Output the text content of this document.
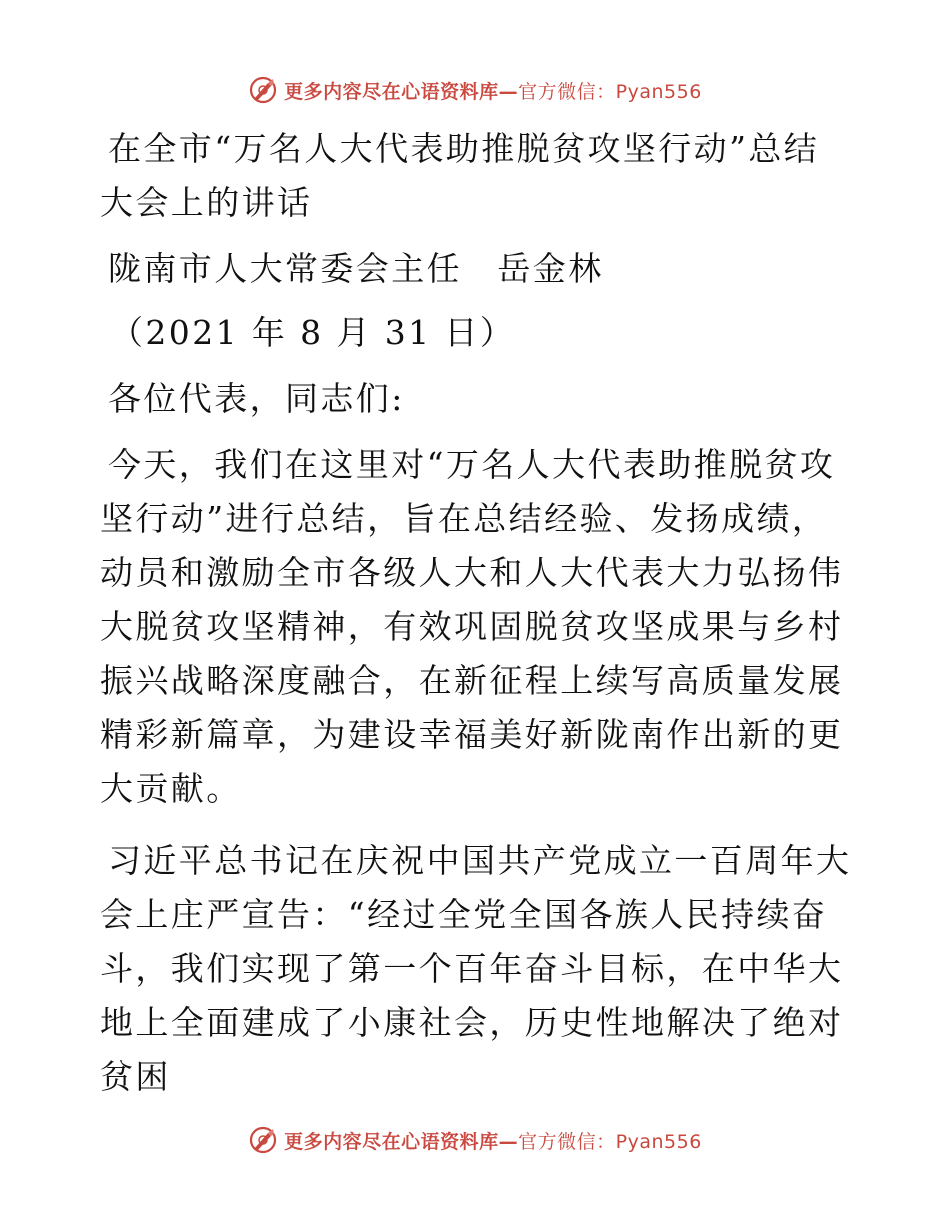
更多内容尽在心语资料库—官方微信：Pyan556

在全市“万名人大代表助推脱贫攻坚行动”总结大会上的讲话

陇南市人大常委会主任　岳金林

（2021 年 8 月 31 日）

各位代表，同志们:

今天，我们在这里对“万名人大代表助推脱贫攻坚行动”进行总结，旨在总结经验、发扬成绩，动员和激励全市各级人大和人大代表大力弘扬伟大脱贫攻坚精神，有效巩固脱贫攻坚成果与乡村振兴战略深度融合，在新征程上续写高质量发展精彩新篇章，为建设幸福美好新陇南作出新的更大贡献。

习近平总书记在庆祝中国共产党成立一百周年大会上庄严宣告：“经过全党全国各族人民持续奋斗，我们实现了第一个百年奋斗目标，在中华大地上全面建成了小康社会，历史性地解决了绝对贫困

更多内容尽在心语资料库—官方微信：Pyan556
